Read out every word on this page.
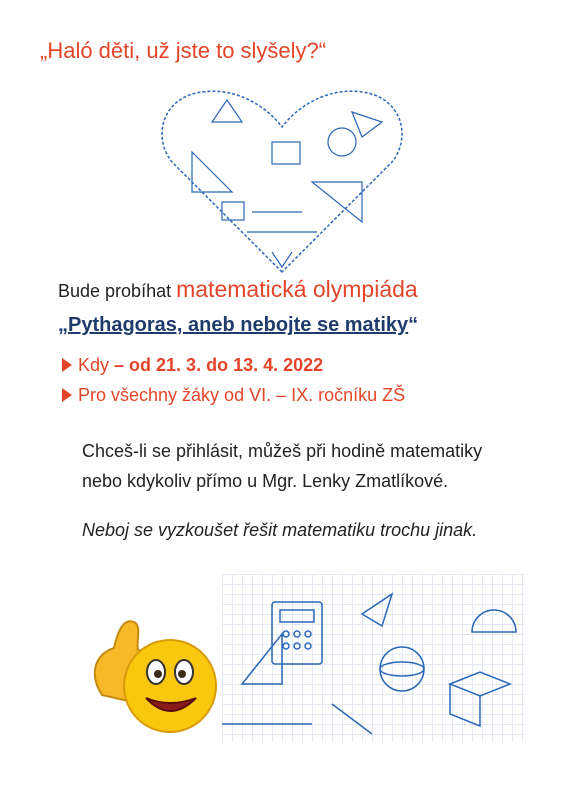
„Haló děti, už jste to slyšely?“
Bude probíhat matematická olympiáda
„Pythagoras, aneb nebojte se matiky“
Kdy – od 21. 3. do 13. 4. 2022
Pro všechny žáky od VI. – IX. ročníku ZŠ
Chceš-li se přihlásit, můžeš při hodině matematiky
nebo kdykoliv přímo u Mgr. Lenky Zmatlíkové.
Neboj se vyzkoušet řešit matematiku trochu jinak.
